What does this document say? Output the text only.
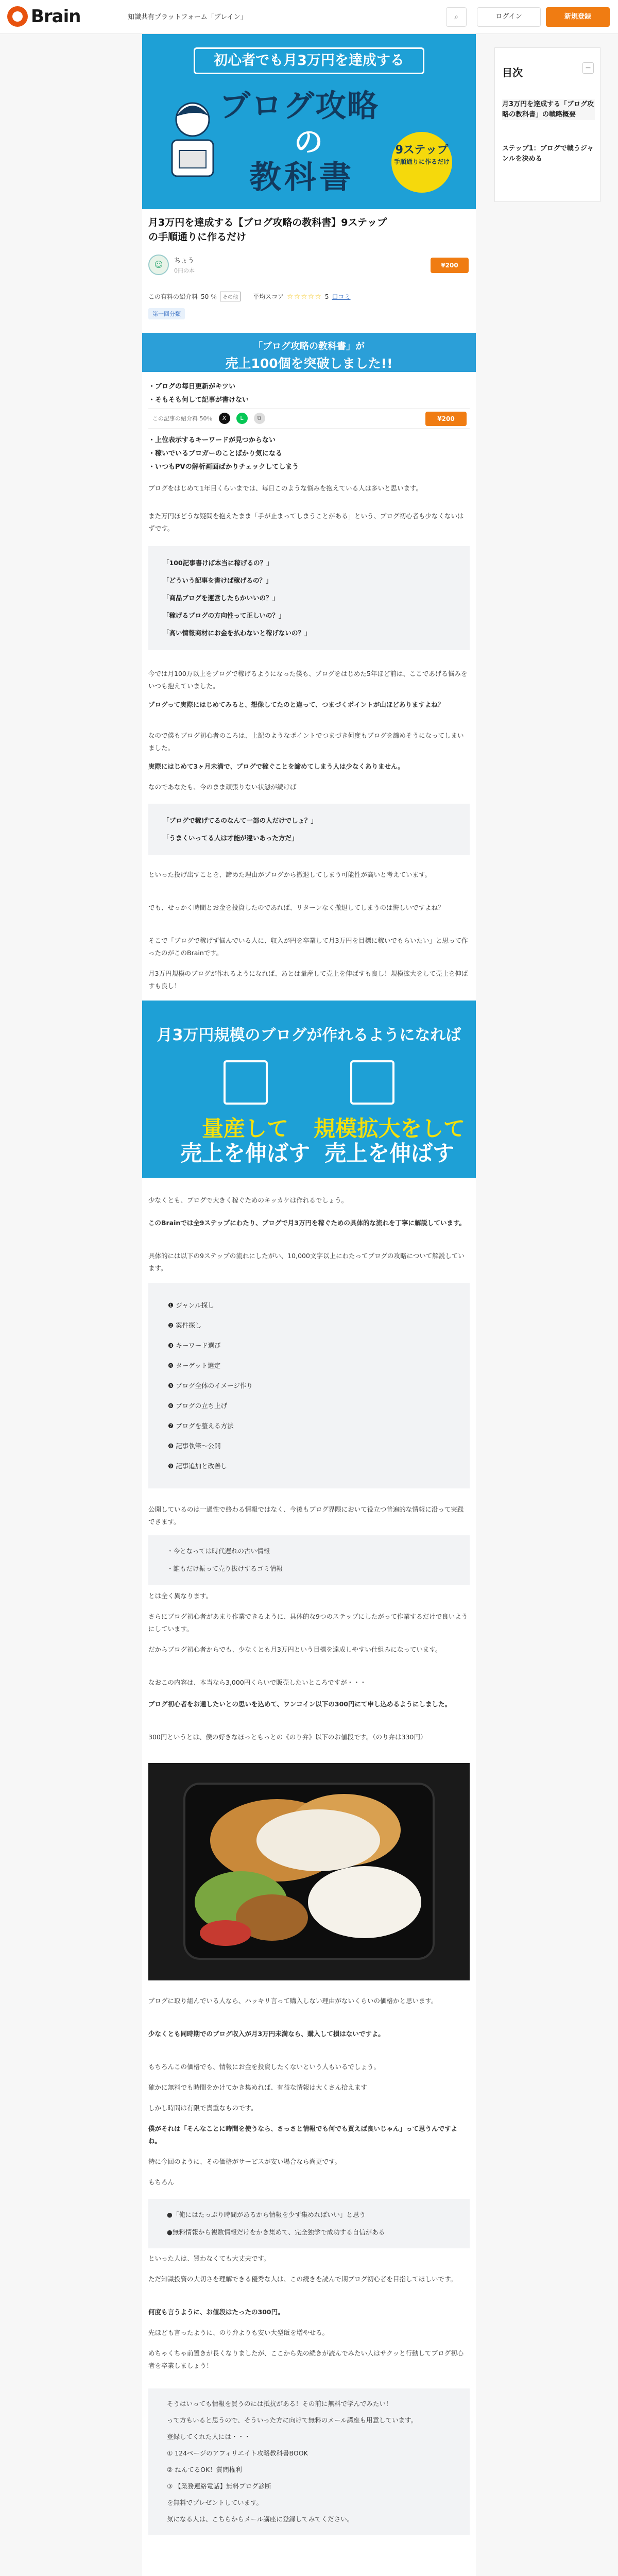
Brain	知識共有プラットフォーム「ブレイン」	⌕	ログイン	新規登録
初心者でも月3万円を達成する
ブログ攻略
の
教科書
9ステップ
手順通りに作るだけ
月3万円を達成する【ブログ攻略の教科書】9ステップの手順通りに作るだけ
☺	ちょう
0冊の本
¥200
この有料の紹介料 50 ％	その他	平均スコア ☆☆☆☆☆ 5 口コミ
第一回分類
「ブログ攻略の教科書」が
売上100個を突破しました!!
・ブログの毎日更新がキツい
・そもそも何して記事が書けない
この記事の紹介料 50％	X	L	⧉	¥200
・上位表示するキーワードが見つからない
・稼いでいるブロガーのことばかり気になる
・いつもPVの解析画面ばかりチェックしてしまう
ブログをはじめて1年目くらいまでは、毎日このような悩みを抱えている人は多いと思います。
また万円ほどうな疑問を抱えたまま「手が止まってしまうことがある」という、ブログ初心者も少なくないはずです。
「100記事書けば本当に稼げるの？」
「どういう記事を書けば稼げるの？」
「商品ブログを運営したらかいいの？」
「稼げるブログの方向性って正しいの？」
「高い情報商材にお金を払わないと稼げないの？」
今では月100万以上をブログで稼げるようになった僕も、ブログをはじめた5年ほど前は、ここであげる悩みをいつも抱えていました。
ブログって実際にはじめてみると、想像してたのと違って、つまづくポイントが山ほどありますよね？
なので僕もブログ初心者のころは、上記のようなポイントでつまづき何度もブログを諦めそうになってしまいました。
実際にはじめて3ヶ月未満で、ブログで稼ぐことを諦めてしまう人は少なくありません。
なのであなたも、今のまま頑張りない状態が続けば
「ブログで稼げてるのなんて一部の人だけでしょ？」
「うまくいってる人は才能が違いあった方だ」
といった投げ出すことを、諦めた理由がブログから撤退してしまう可能性が高いと考えています。
でも、せっかく時間とお金を投資したのであれば、リターンなく撤退してしまうのは悔しいですよね？
そこで「ブログで稼げず悩んでいる人に、収入が円を卒業して月3万円を目標に稼いでもらいたい」と思って作ったのがこのBrainです。
月3万円規模のブログが作れるようになれば、あとは量産して売上を伸ばすも良し！規模拡大をして売上を伸ばすも良し！
月3万円規模のブログが作れるようになれば
量産して
売上を伸ばす
規模拡大をして
売上を伸ばす
少なくとも、ブログで大きく稼ぐためのキッカケは作れるでしょう。
このBrainでは全9ステップにわたり、ブログで月3万円を稼ぐための具体的な流れを丁寧に解説しています。
具体的には以下の9ステップの流れにしたがい、10,000文字以上にわたってブログの攻略について解説しています。
❶ ジャンル探し
❷ 案件探し
❸ キーワード選び
❹ ターゲット選定
❺ ブログ全体のイメージ作り
❻ ブログの立ち上げ
❼ ブログを整える方法
❽ 記事執筆〜公開
❾ 記事追加と改善し
公開しているのは一過性で終わる情報ではなく、今後もブログ界隈において役立つ普遍的な情報に沿って実践できます。
・今となっては時代遅れの古い情報
・誰もだけ振って売り抜けするゴミ情報
とは全く異なります。
さらにブログ初心者があまり作業できるように、具体的な9つのステップにしたがって作業するだけで良いようにしています。
だからブログ初心者からでも、少なくとも月3万円という目標を達成しやすい仕組みになっています。
なおこの内容は、本当なら3,000円くらいで販売したいところですが・・・
ブログ初心者をお通したいとの思いを込めて、ワンコイン以下の300円にて申し込めるようにしました。
300円というとは、僕の好きなほっともっとの《のり弁》以下のお値段です。（のり弁は330円）
ブログに取り組んでいる人なら、ハッキリ言って購入しない理由がないくらいの価格かと思います。
少なくとも同時期でのブログ収入が月3万円未満なら、購入して損はないですよ。
もちろんこの価格でも、情報にお金を投資したくないという人もいるでしょう。
確かに無料でも時間をかけてかき集めれば、有益な情報は大くさん拾えます
しかし時間は有限で貴重なものです。
僕がそれは「そんなことに時間を使うなら、さっさと情報でも何でも買えば良いじゃん」って思うんですよね。
特に今回のように、その価格がサービスが安い場合なら尚更です。
もちろん
●「俺にはたっぷり時間があるから情報を少ず集めればいい」と思う
●無料情報から複数情報だけをかき集めて、完全独学で成功する自信がある
といった人は、買わなくても大丈夫です。
ただ知識投資の大切さを理解できる優秀な人は、この続きを読んで期ブログ初心者を目指してほしいです。
何度も言うように、お値段はたったの300円。
先ほども言ったように、のり弁よりも安い大型飯を増やせる。
めちゃくちゃ前置きが長くなりましたが、ここから先の続きが読んでみたい人はサクッと行動してブログ初心者を卒業しましょう！
そうはいっても情報を買うのには抵抗がある！その前に無料で学んでみたい！
って方もいると思うので、そういった方に向けて無料のメール講座も用意しています。
登録してくれた人には・・・
① 124ページのアフィリエイト攻略教科書BOOK
② ねんてるOK！質問権利
③ 【業務連絡電話】無料ブログ診断
を無料でプレゼントしています。
気になる人は、こちらからメール講座に登録してみてください。
目次	−
月3万円を達成する「ブログ攻略の教科書」の戦略概要
ステップ1：ブログで戦うジャンルを決める
